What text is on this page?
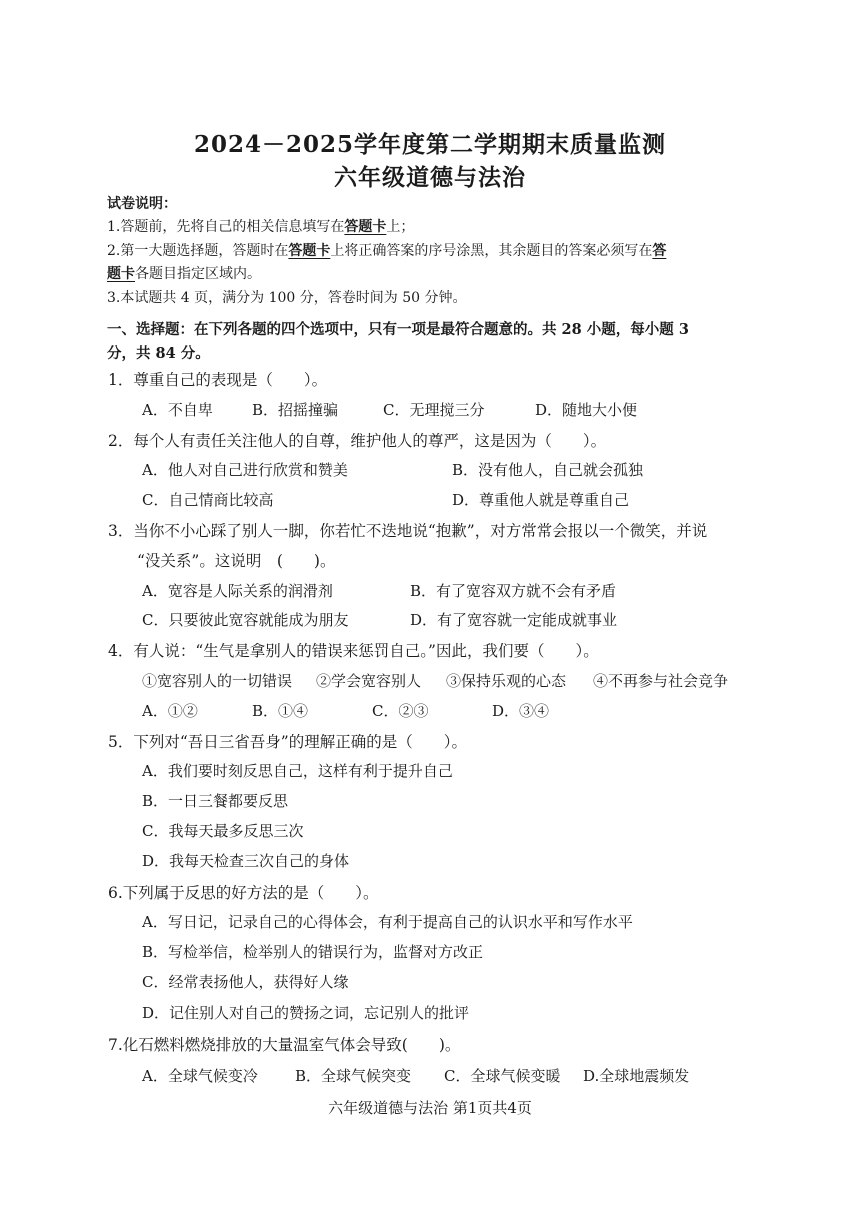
2024－2025学年度第二学期期末质量监测
六年级道德与法治
试卷说明：
1.答题前，先将自己的相关信息填写在答题卡上；
2.第一大题选择题，答题时在答题卡上将正确答案的序号涂黑，其余题目的答案必须写在答
题卡各题目指定区域内。
3.本试题共 4 页，满分为 100 分，答卷时间为 50 分钟。
一、选择题：在下列各题的四个选项中，只有一项是最符合题意的。共 28 小题，每小题 3
分，共 84 分。
1．尊重自己的表现是（　　）。
A．不自卑	B．招摇撞骗	C．无理搅三分	D．随地大小便
2．每个人有责任关注他人的自尊，维护他人的尊严，这是因为（　　）。
A．他人对自己进行欣赏和赞美	B．没有他人，自己就会孤独
C．自己情商比较高	D．尊重他人就是尊重自己
3．当你不小心踩了别人一脚，你若忙不迭地说“抱歉”，对方常常会报以一个微笑，并说
“没关系”。这说明　(　　)。
A．宽容是人际关系的润滑剂	B．有了宽容双方就不会有矛盾
C．只要彼此宽容就能成为朋友	D．有了宽容就一定能成就事业
4．有人说：“生气是拿别人的错误来惩罚自己。”因此，我们要（　　）。
①宽容别人的一切错误 ②学会宽容别人 ③保持乐观的心态 ④不再参与社会竞争
A．①②	B．①④	C．②③	D．③④
5．下列对“吾日三省吾身”的理解正确的是（　　）。
A．我们要时刻反思自己，这样有利于提升自己
B．一日三餐都要反思
C．我每天最多反思三次
D．我每天检查三次自己的身体
6.下列属于反思的好方法的是（　　）。
A．写日记，记录自己的心得体会，有利于提高自己的认识水平和写作水平
B．写检举信，检举别人的错误行为，监督对方改正
C．经常表扬他人，获得好人缘
D．记住别人对自己的赞扬之词，忘记别人的批评
7.化石燃料燃烧排放的大量温室气体会导致(　　)。
A．全球气候变冷 B．全球气候突变 C．全球气候变暖 D.全球地震频发
六年级道德与法治 第1页共4页
